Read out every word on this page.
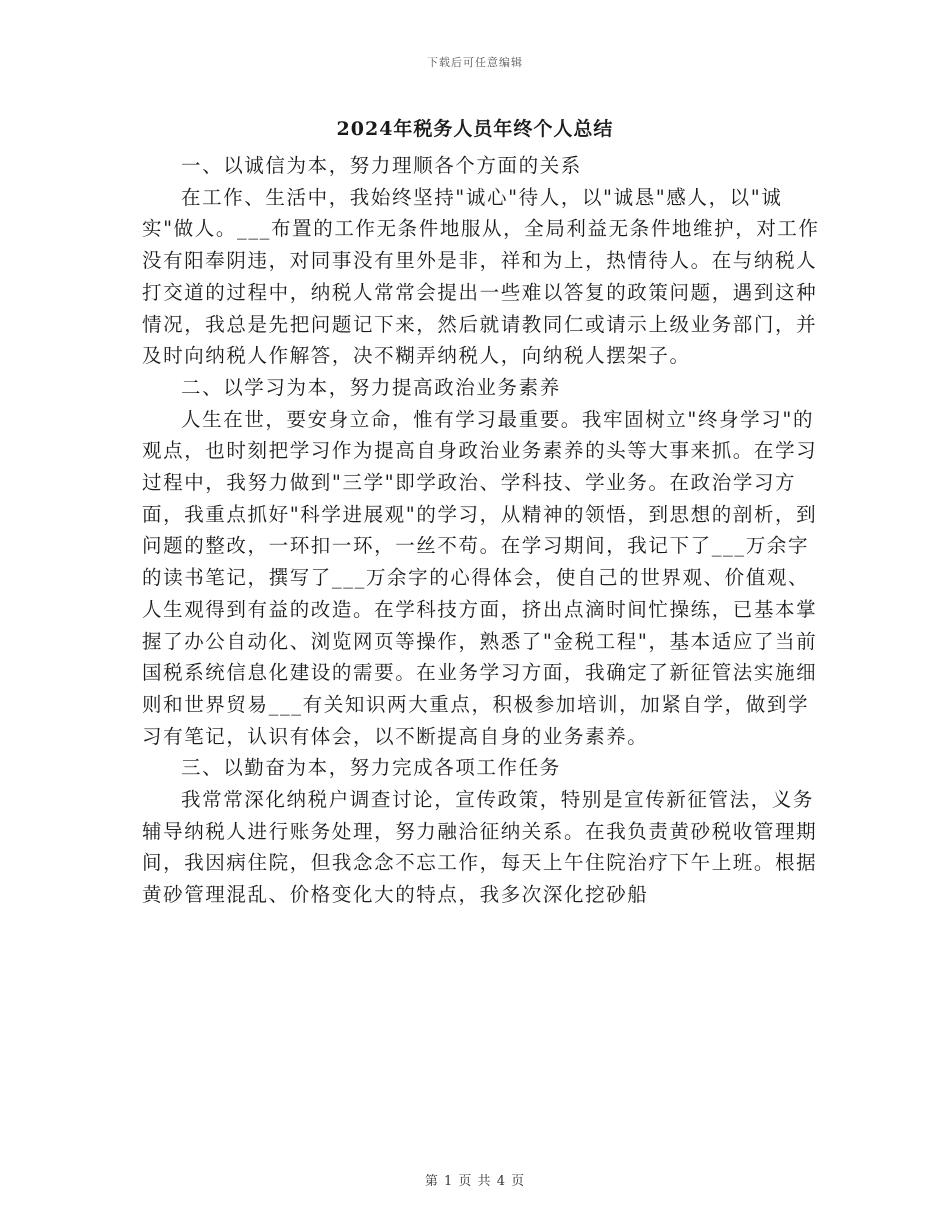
下载后可任意编辑
2024年税务人员年终个人总结

一、以诚信为本，努力理顺各个方面的关系

在工作、生活中，我始终坚持"诚心"待人，以"诚恳"感人，以"诚实"做人。___布置的工作无条件地服从，全局利益无条件地维护，对工作没有阳奉阴违，对同事没有里外是非，祥和为上，热情待人。在与纳税人打交道的过程中，纳税人常常会提出一些难以答复的政策问题，遇到这种情况，我总是先把问题记下来，然后就请教同仁或请示上级业务部门，并及时向纳税人作解答，决不糊弄纳税人，向纳税人摆架子。

二、以学习为本，努力提高政治业务素养

人生在世，要安身立命，惟有学习最重要。我牢固树立"终身学习"的观点，也时刻把学习作为提高自身政治业务素养的头等大事来抓。在学习过程中，我努力做到"三学"即学政治、学科技、学业务。在政治学习方面，我重点抓好"科学进展观"的学习，从精神的领悟，到思想的剖析，到问题的整改，一环扣一环，一丝不苟。在学习期间，我记下了___万余字的读书笔记，撰写了___万余字的心得体会，使自己的世界观、价值观、人生观得到有益的改造。在学科技方面，挤出点滴时间忙操练，已基本掌握了办公自动化、浏览网页等操作，熟悉了"金税工程"，基本适应了当前国税系统信息化建设的需要。在业务学习方面，我确定了新征管法实施细则和世界贸易___有关知识两大重点，积极参加培训，加紧自学，做到学习有笔记，认识有体会，以不断提高自身的业务素养。

三、以勤奋为本，努力完成各项工作任务

我常常深化纳税户调查讨论，宣传政策，特别是宣传新征管法，义务辅导纳税人进行账务处理，努力融洽征纳关系。在我负责黄砂税收管理期间，我因病住院，但我念念不忘工作，每天上午住院治疗下午上班。根据黄砂管理混乱、价格变化大的特点，我多次深化挖砂船

第 1 页 共 4 页
